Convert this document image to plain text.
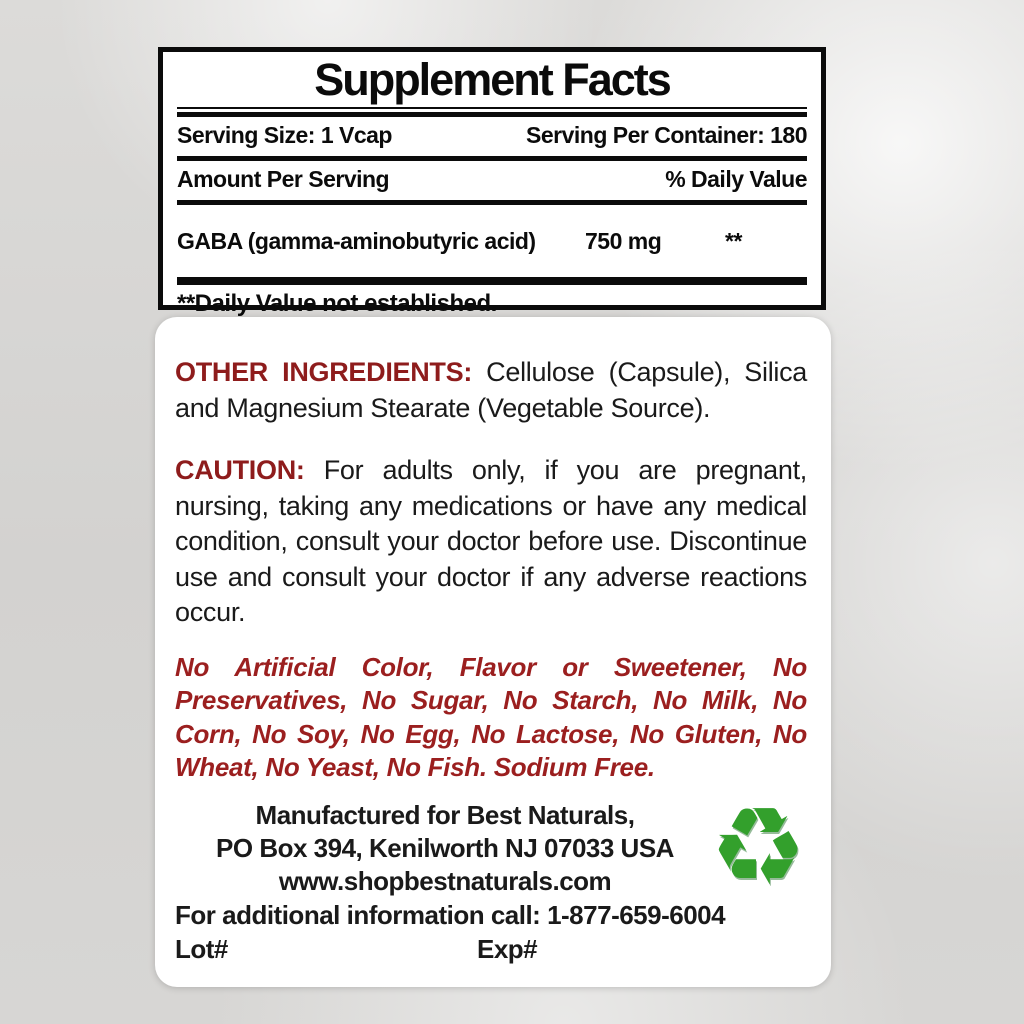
Supplement Facts
Serving Size: 1 Vcap	Serving Per Container: 180
Amount Per Serving	% Daily Value
GABA (gamma-aminobutyric acid)	750 mg	**
**Daily Value not established.

OTHER INGREDIENTS: Cellulose (Capsule), Silica and Magnesium Stearate (Vegetable Source).

CAUTION: For adults only, if you are pregnant, nursing, taking any medications or have any medical condition, consult your doctor before use. Discontinue use and consult your doctor if any adverse reactions occur.

No Artificial Color, Flavor or Sweetener, No Preservatives, No Sugar, No Starch, No Milk, No Corn, No Soy, No Egg, No Lactose, No Gluten, No Wheat, No Yeast, No Fish. Sodium Free.

Manufactured for Best Naturals,
PO Box 394, Kenilworth NJ 07033 USA
www.shopbestnaturals.com
For additional information call: 1-877-659-6004
Lot#	Exp#
♻
